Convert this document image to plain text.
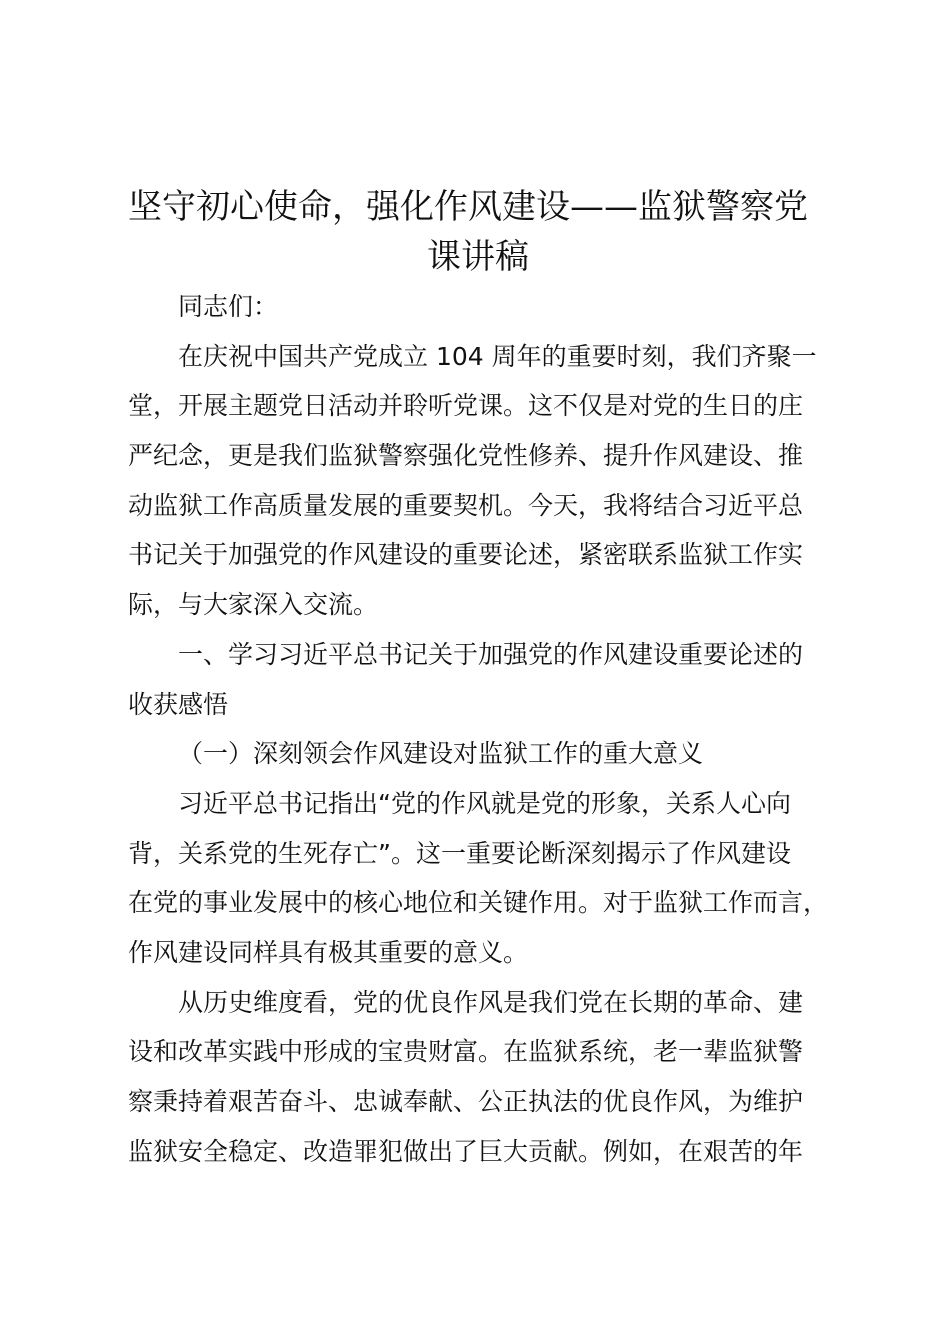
坚守初心使命，强化作风建设——监狱警察党
课讲稿
同志们：
在庆祝中国共产党成立 104 周年的重要时刻，我们齐聚一
堂，开展主题党日活动并聆听党课。这不仅是对党的生日的庄
严纪念，更是我们监狱警察强化党性修养、提升作风建设、推
动监狱工作高质量发展的重要契机。今天，我将结合习近平总
书记关于加强党的作风建设的重要论述，紧密联系监狱工作实
际，与大家深入交流。
一、学习习近平总书记关于加强党的作风建设重要论述的
收获感悟
（一）深刻领会作风建设对监狱工作的重大意义
习近平总书记指出“党的作风就是党的形象，关系人心向
背，关系党的生死存亡”。这一重要论断深刻揭示了作风建设
在党的事业发展中的核心地位和关键作用。对于监狱工作而言，
作风建设同样具有极其重要的意义。
从历史维度看，党的优良作风是我们党在长期的革命、建
设和改革实践中形成的宝贵财富。在监狱系统，老一辈监狱警
察秉持着艰苦奋斗、忠诚奉献、公正执法的优良作风，为维护
监狱安全稳定、改造罪犯做出了巨大贡献。例如，在艰苦的年
